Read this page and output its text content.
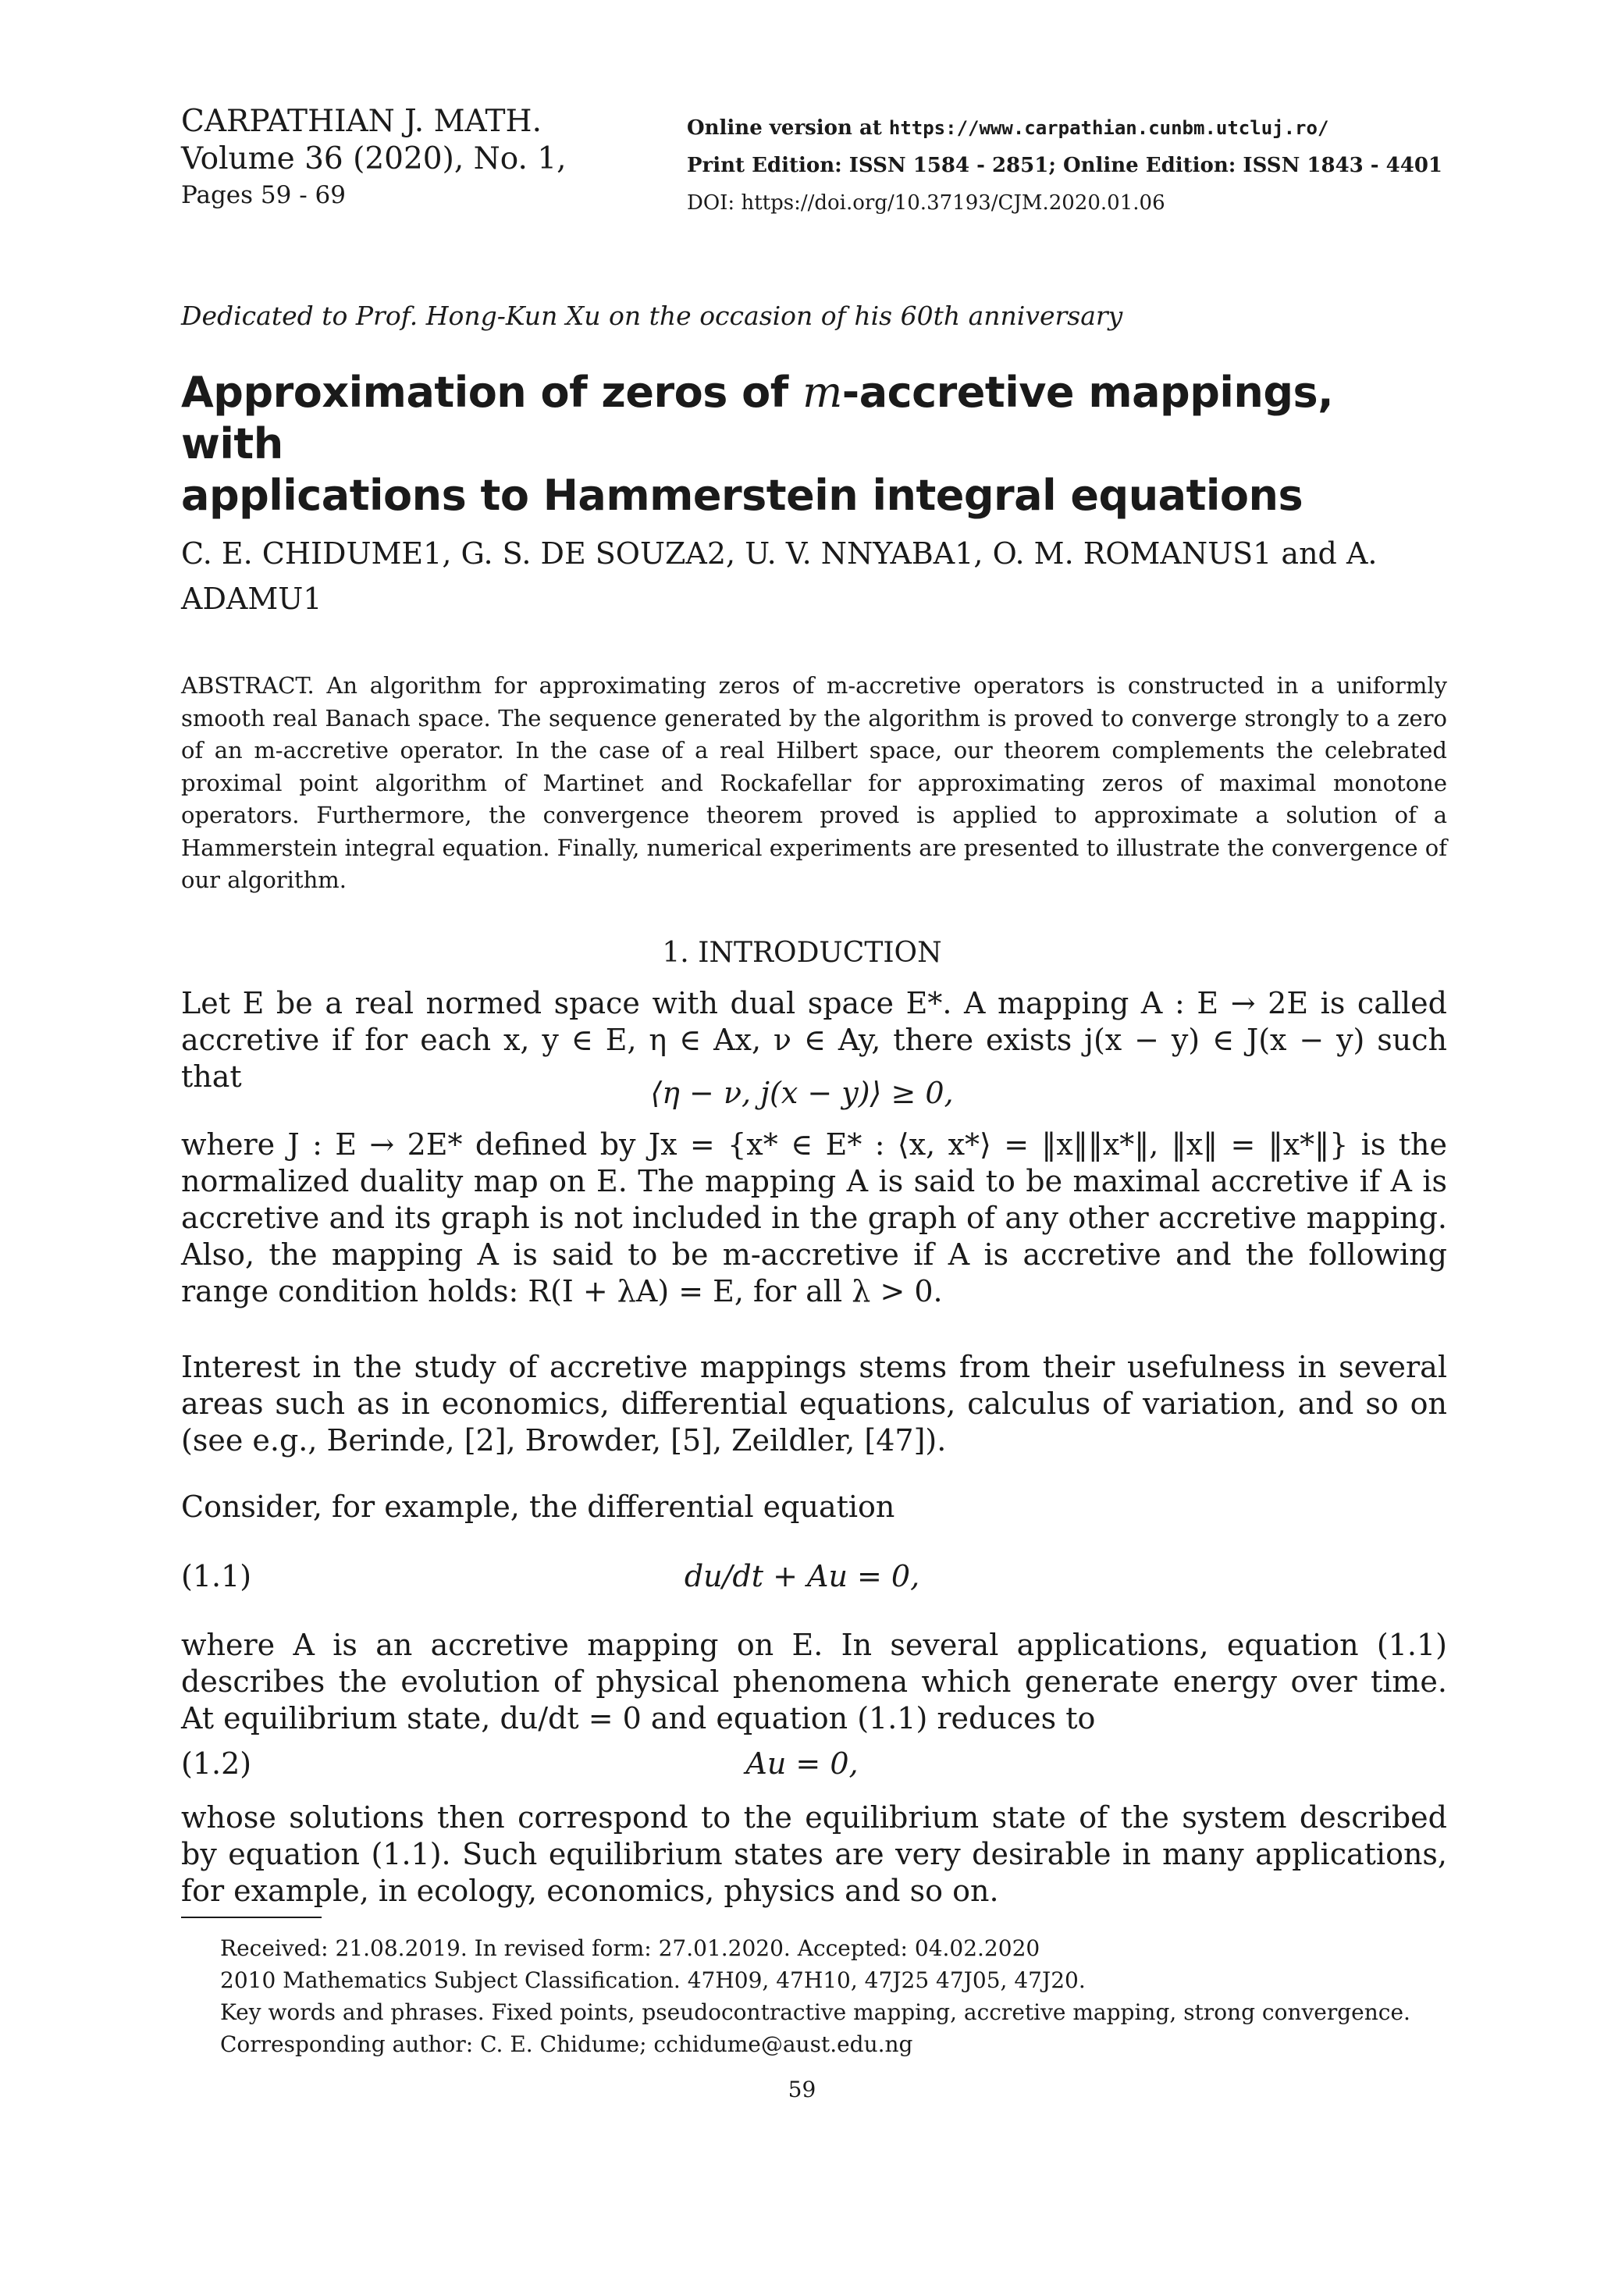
CARPATHIAN J. MATH.
Volume 36 (2020), No. 1,
Pages 59 - 69
Online version at https://www.carpathian.cunbm.utcluj.ro/
Print Edition: ISSN 1584 - 2851; Online Edition: ISSN 1843 - 4401
DOI: https://doi.org/10.37193/CJM.2020.01.06
Dedicated to Prof. Hong-Kun Xu on the occasion of his 60th anniversary
Approximation of zeros of m-accretive mappings, with
applications to Hammerstein integral equations
C. E. CHIDUME1, G. S. DE SOUZA2, U. V. NNYABA1, O. M. ROMANUS1 and A. ADAMU1
ABSTRACT. An algorithm for approximating zeros of m-accretive operators is constructed in a uniformly smooth real Banach space. The sequence generated by the algorithm is proved to converge strongly to a zero of an m-accretive operator. In the case of a real Hilbert space, our theorem complements the celebrated proximal point algorithm of Martinet and Rockafellar for approximating zeros of maximal monotone operators. Furthermore, the convergence theorem proved is applied to approximate a solution of a Hammerstein integral equation. Finally, numerical experiments are presented to illustrate the convergence of our algorithm.
1. INTRODUCTION
Let E be a real normed space with dual space E*. A mapping A : E → 2E is called accretive if for each x, y ∈ E, η ∈ Ax, ν ∈ Ay, there exists j(x − y) ∈ J(x − y) such that	⟨η − ν, j(x − y)⟩ ≥ 0,
where J : E → 2E* defined by Jx = {x* ∈ E* : ⟨x, x*⟩ = ‖x‖‖x*‖, ‖x‖ = ‖x*‖} is the normalized duality map on E. The mapping A is said to be maximal accretive if A is accretive and its graph is not included in the graph of any other accretive mapping. Also, the mapping A is said to be m-accretive if A is accretive and the following range condition holds: R(I + λA) = E, for all λ > 0.
Interest in the study of accretive mappings stems from their usefulness in several areas such as in economics, differential equations, calculus of variation, and so on (see e.g., Berinde, [2], Browder, [5], Zeildler, [47]).
Consider, for example, the differential equation
(1.1)	du/dt + Au = 0,
where A is an accretive mapping on E. In several applications, equation (1.1) describes the evolution of physical phenomena which generate energy over time. At equilibrium state, du/dt = 0 and equation (1.1) reduces to
(1.2)	Au = 0,
whose solutions then correspond to the equilibrium state of the system described by equation (1.1). Such equilibrium states are very desirable in many applications, for example, in ecology, economics, physics and so on.
Received: 21.08.2019. In revised form: 27.01.2020. Accepted: 04.02.2020
2010 Mathematics Subject Classification. 47H09, 47H10, 47J25 47J05, 47J20.
Key words and phrases. Fixed points, pseudocontractive mapping, accretive mapping, strong convergence.
Corresponding author: C. E. Chidume; cchidume@aust.edu.ng
59
